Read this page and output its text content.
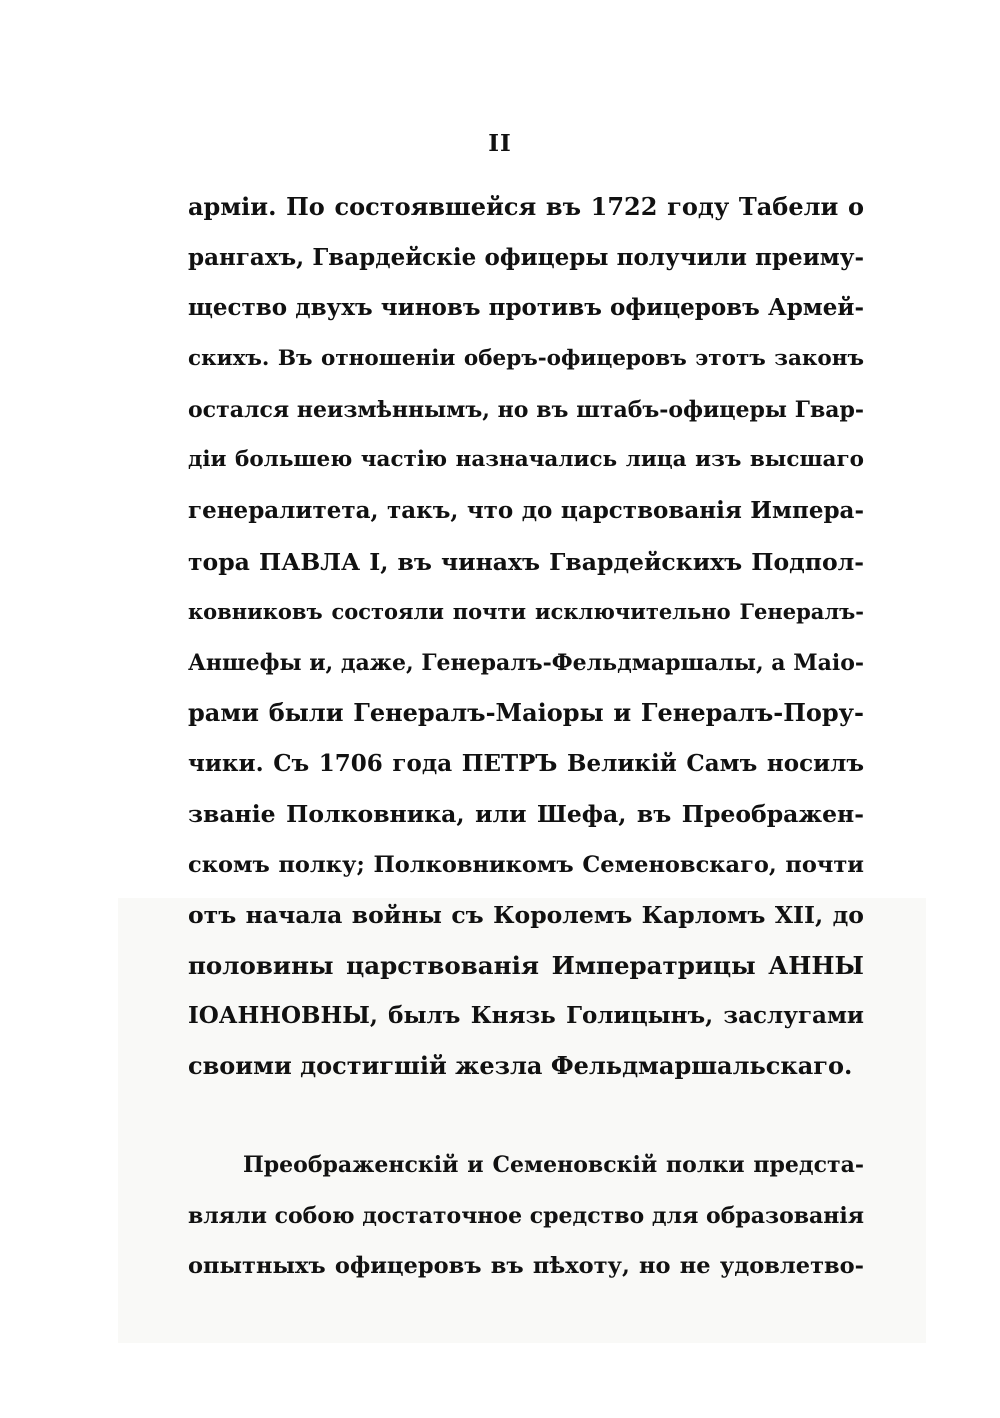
II
арміи. По состоявшейся въ 1722 году Табели о
рангахъ, Гвардейскіе офицеры получили преиму-
щество двухъ чиновъ противъ офицеровъ Армей-
скихъ. Въ отношеніи оберъ-офицеровъ этотъ законъ
остался неизмѣннымъ, но въ штабъ-офицеры Гвар-
діи большею частію назначались лица изъ высшаго
генералитета, такъ, что до царствованія Импера-
тора ПАВЛА I, въ чинахъ Гвардейскихъ Подпол-
ковниковъ состояли почти исключительно Генералъ-
Аншефы и, даже, Генералъ-Фельдмаршалы, а Маіо-
рами были Генералъ-Маіоры и Генералъ-Пору-
чики. Съ 1706 года ПЕТРЪ Великій Самъ носилъ
званіе Полковника, или Шефа, въ Преображен-
скомъ полку; Полковникомъ Семеновскаго, почти
отъ начала войны съ Королемъ Карломъ XII, до
половины царствованія Императрицы АННЫ
ІОАННОВНЫ, былъ Князь Голицынъ, заслугами
своими достигшій жезла Фельдмаршальскаго.
Преображенскій и Семеновскій полки предста-
вляли собою достаточное средство для образованія
опытныхъ офицеровъ въ пѣхоту, но не удовлетво-
